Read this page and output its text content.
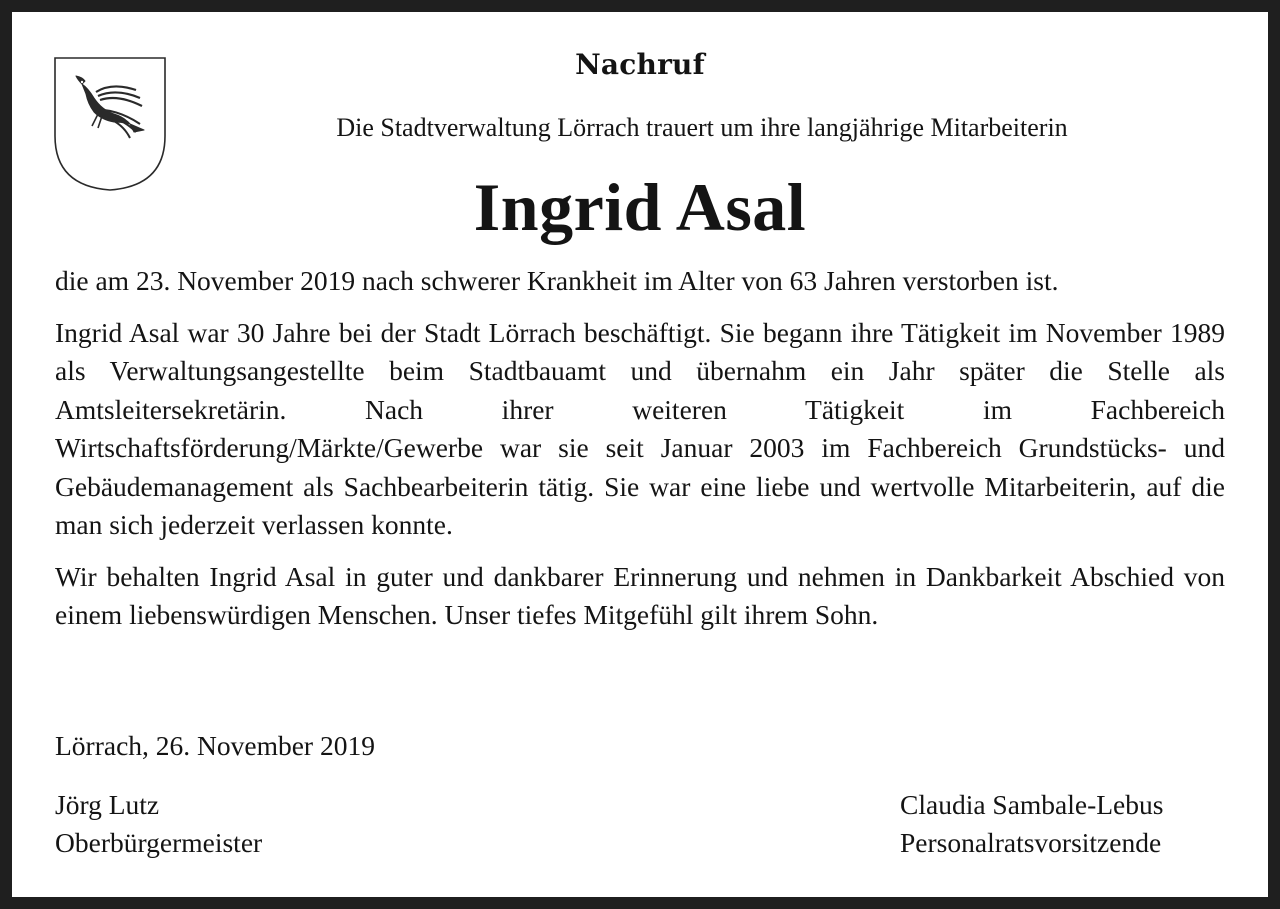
Nachruf

Die Stadtverwaltung Lörrach trauert um ihre langjährige Mitarbeiterin

Ingrid Asal

die am 23. November 2019 nach schwerer Krankheit im Alter von 63 Jahren verstorben ist.

Ingrid Asal war 30 Jahre bei der Stadt Lörrach beschäftigt. Sie begann ihre Tätigkeit im November 1989 als Verwaltungsangestellte beim Stadtbauamt und übernahm ein Jahr später die Stelle als Amtsleitersekretärin. Nach ihrer weiteren Tätigkeit im Fachbereich Wirtschaftsförderung/Märkte/Gewerbe war sie seit Januar 2003 im Fachbereich Grundstücks- und Gebäudemanagement als Sachbearbeiterin tätig. Sie war eine liebe und wertvolle Mitarbeiterin, auf die man sich jederzeit verlassen konnte.

Wir behalten Ingrid Asal in guter und dankbarer Erinnerung und nehmen in Dankbarkeit Abschied von einem liebenswürdigen Menschen. Unser tiefes Mitgefühl gilt ihrem Sohn.

Lörrach, 26. November 2019

Jörg Lutz
Oberbürgermeister
Claudia Sambale-Lebus
Personalratsvorsitzende
